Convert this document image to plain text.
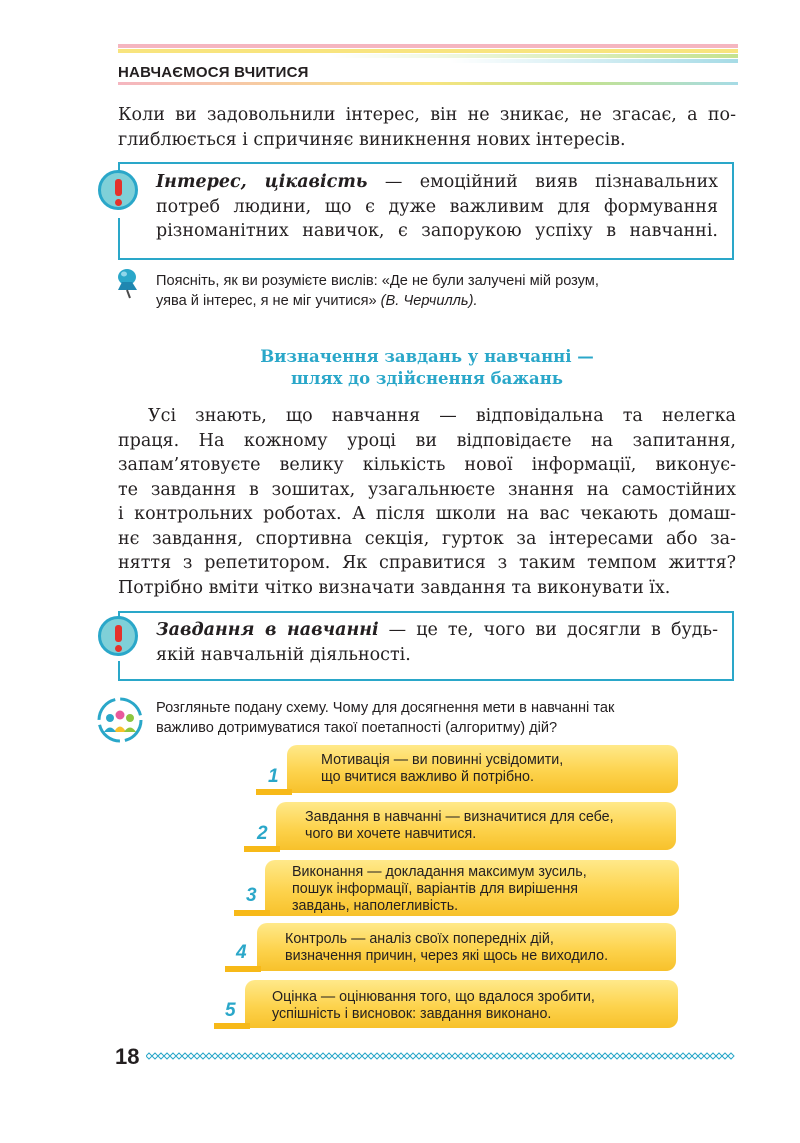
НАВЧАЄМОСЯ ВЧИТИСЯ
Коли ви задовольнили інтерес, він не зникає, не згасає, а по-
глиблюється і спричиняє виникнення нових інтересів.
Інтерес, цікавість — емоційний вияв пізнавальних
потреб людини, що є дуже важливим для формування
різноманітних навичок, є запорукою успіху в навчанні.
Поясніть, як ви розумієте вислів: «Де не були залучені мій розум,
уява й інтерес, я не міг учитися» (В. Черчилль).
Визначення завдань у навчанні —
шлях до здійснення бажань
Усі знають, що навчання — відповідальна та нелегка
праця. На кожному уроці ви відповідаєте на запитання,
запам’ятовуєте велику кількість нової інформації, виконує-
те завдання в зошитах, узагальнюєте знання на самостійних
і контрольних роботах. А після школи на вас чекають домаш-
нє завдання, спортивна секція, гурток за інтересами або за-
няття з репетитором. Як справитися з таким темпом життя?
Потрібно вміти чітко визначати завдання та виконувати їх.
Завдання в навчанні — це те, чого ви досягли в будь-
якій навчальній діяльності.
Розгляньте подану схему. Чому для досягнення мети в навчанні так
важливо дотримуватися такої поетапності (алгоритму) дій?
1
Мотивація — ви повинні усвідомити,
що вчитися важливо й потрібно.
2
Завдання в навчанні — визначитися для себе,
чого ви хочете навчитися.
3
Виконання — докладання максимум зусиль,
пошук інформації, варіантів для вирішення
завдань, наполегливість.
4
Контроль — аналіз своїх попередніх дій,
визначення причин, через які щось не виходило.
5
Оцінка — оцінювання того, що вдалося зробити,
успішність і висновок: завдання виконано.
18
